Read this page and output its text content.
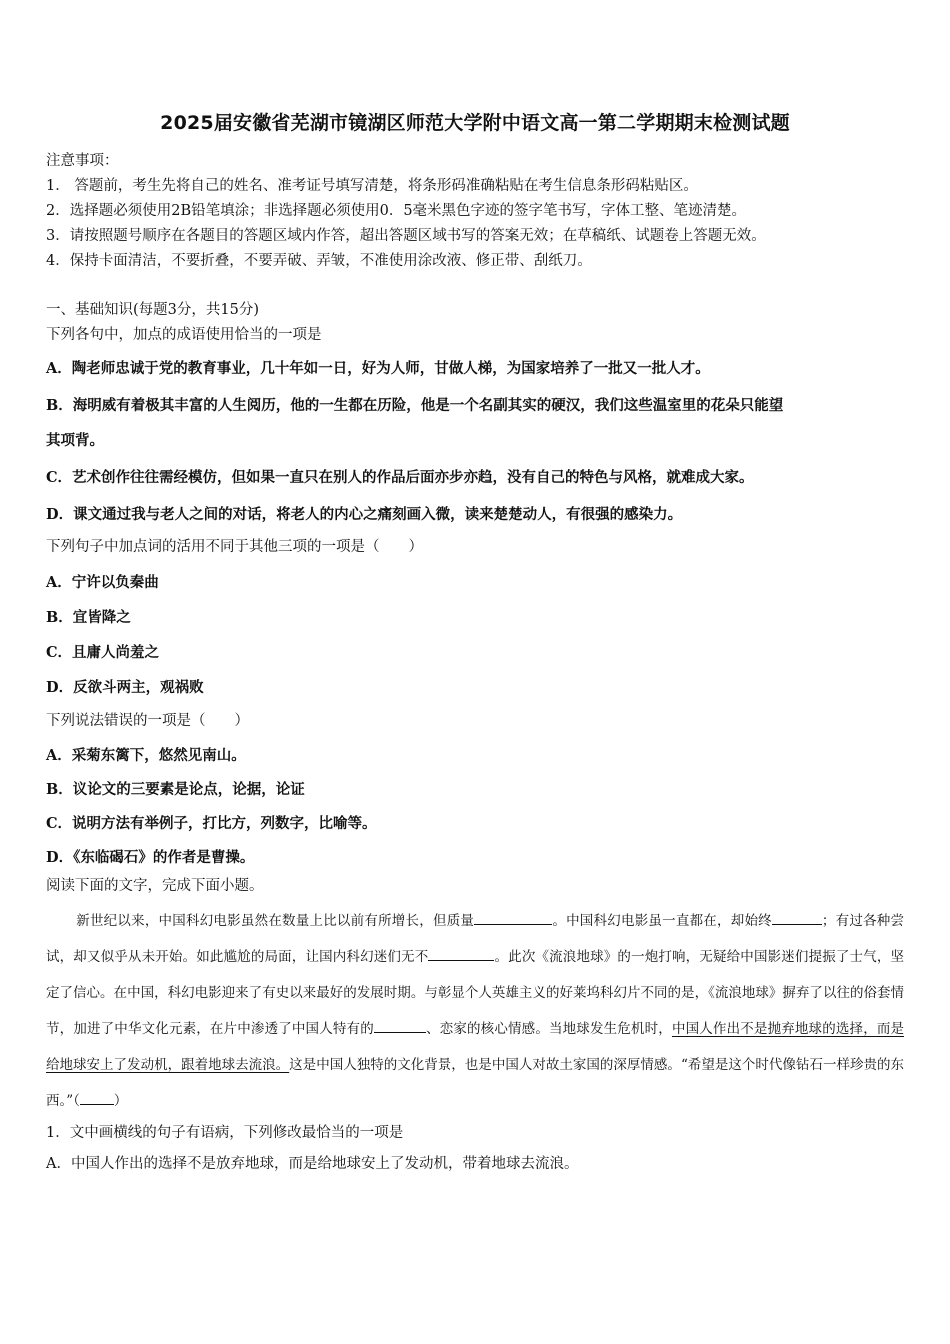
2025届安徽省芜湖市镜湖区师范大学附中语文高一第二学期期末检测试题
注意事项：
1． 答题前，考生先将自己的姓名、准考证号填写清楚，将条形码准确粘贴在考生信息条形码粘贴区。
2．选择题必须使用2B铅笔填涂；非选择题必须使用0．5毫米黑色字迹的签字笔书写，字体工整、笔迹清楚。
3．请按照题号顺序在各题目的答题区域内作答，超出答题区域书写的答案无效；在草稿纸、试题卷上答题无效。
4．保持卡面清洁，不要折叠，不要弄破、弄皱，不准使用涂改液、修正带、刮纸刀。
一、基础知识(每题3分，共15分)
下列各句中，加点的成语使用恰当的一项是
A．陶老师忠诚于党的教育事业，几十年如一日，好为人师，甘做人梯，为国家培养了一批又一批人才。
B．海明威有着极其丰富的人生阅历，他的一生都在历险，他是一个名副其实的硬汉，我们这些温室里的花朵只能望
其项背。
C．艺术创作往往需经模仿，但如果一直只在别人的作品后面亦步亦趋，没有自己的特色与风格，就难成大家。
D．课文通过我与老人之间的对话，将老人的内心之痛刻画入微，读来楚楚动人，有很强的感染力。
下列句子中加点词的活用不同于其他三项的一项是（　　）
A．宁许以负秦曲
B．宜皆降之
C．且庸人尚羞之
D．反欲斗两主，观祸败
下列说法错误的一项是（　　）
A．采菊东篱下，悠然见南山。
B．议论文的三要素是论点，论据，论证
C．说明方法有举例子，打比方，列数字，比喻等。
D．《东临碣石》的作者是曹操。
阅读下面的文字，完成下面小题。

新世纪以来，中国科幻电影虽然在数量上比以前有所增长，但质量	。中国科幻电影虽一直都在，却始终	；有过各种尝试，却又似乎从未开始。如此尴尬的局面，让国内科幻迷们无不	。此次《流浪地球》的一炮打响，无疑给中国影迷们提振了士气，坚定了信心。在中国，科幻电影迎来了有史以来最好的发展时期。与彰显个人英雄主义的好莱坞科幻片不同的是，《流浪地球》摒弃了以往的俗套情节，加进了中华文化元素，在片中渗透了中国人特有的	、恋家的核心情感。当地球发生危机时，中国人作出不是抛弃地球的选择，而是给地球安上了发动机，跟着地球去流浪。这是中国人独特的文化背景，也是中国人对故土家国的深厚情感。“希望是这个时代像钻石一样珍贵的东西。”（	）

1．文中画横线的句子有语病，下列修改最恰当的一项是
A．中国人作出的选择不是放弃地球，而是给地球安上了发动机，带着地球去流浪。
